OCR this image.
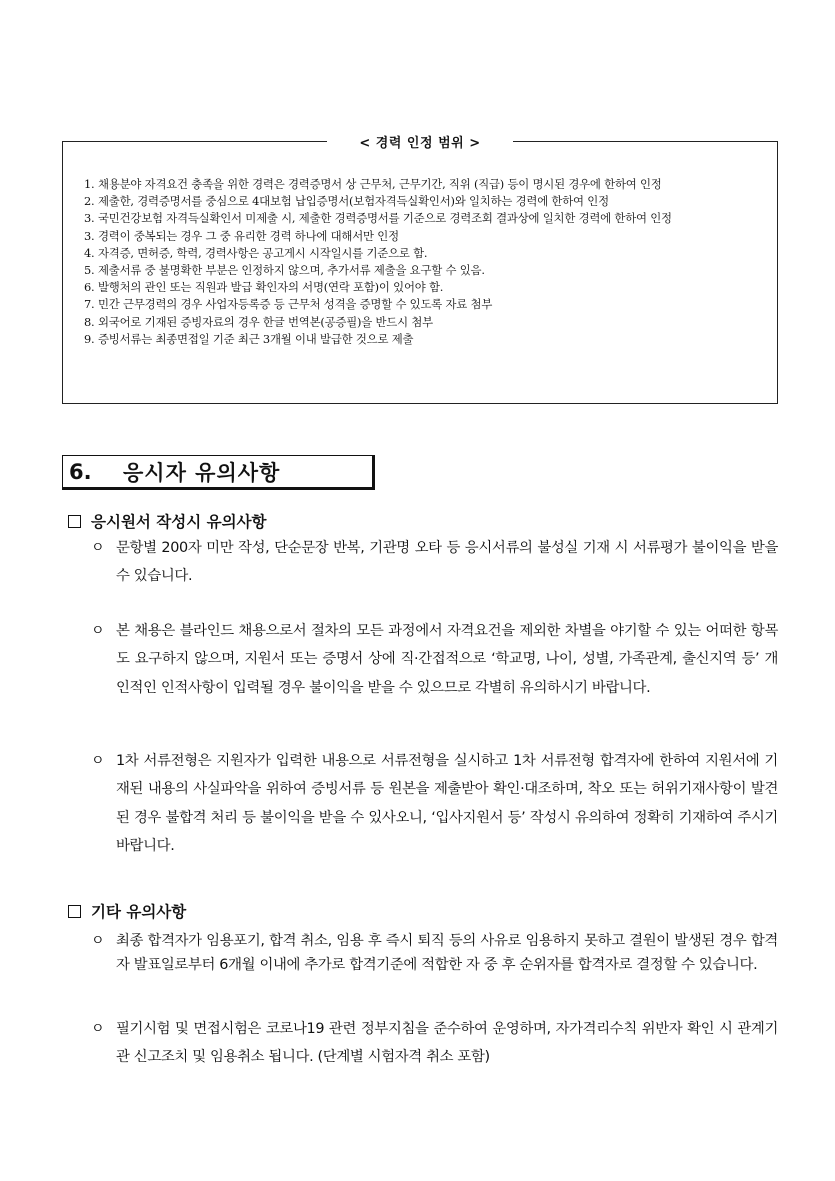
< 경력 인정 범위 >
1. 채용분야 자격요건 충족을 위한 경력은 경력증명서 상 근무처, 근무기간, 직위 (직급) 등이 명시된 경우에 한하여 인정
2. 제출한, 경력증명서를 중심으로 4대보험 납입증명서(보험자격득실확인서)와 일치하는 경력에 한하여 인정
3. 국민건강보험 자격득실확인서 미제출 시, 제출한 경력증명서를 기준으로 경력조회 결과상에 일치한 경력에 한하여 인정
3. 경력이 중복되는 경우 그 중 유리한 경력 하나에 대해서만 인정
4. 자격증, 면허증, 학력, 경력사항은 공고게시 시작일시를 기준으로 함.
5. 제출서류 중 불명확한 부분은 인정하지 않으며, 추가서류 제출을 요구할 수 있음.
6. 발행처의 관인 또는 직원과 발급 확인자의 서명(연락 포함)이 있어야 함.
7. 민간 근무경력의 경우 사업자등록증 등 근무처 성격을 증명할 수 있도록 자료 첨부
8. 외국어로 기재된 증빙자료의 경우 한글 번역본(공증필)을 반드시 첨부
9. 증빙서류는 최종면접일 기준 최근 3개월 이내 발급한 것으로 제출
6.	응시자 유의사항
응시원서 작성시 유의사항
ㅇ 문항별 200자 미만 작성, 단순문장 반복, 기관명 오타 등 응시서류의 불성실 기재 시 서류평가 불이익을 받을 수 있습니다.
ㅇ 본 채용은 블라인드 채용으로서 절차의 모든 과정에서 자격요건을 제외한 차별을 야기할 수 있는 어떠한 항목도 요구하지 않으며, 지원서 또는 증명서 상에 직·간접적으로 ‘학교명, 나이, 성별, 가족관계, 출신지역 등’ 개인적인 인적사항이 입력될 경우 불이익을 받을 수 있으므로 각별히 유의하시기 바랍니다.
ㅇ 1차 서류전형은 지원자가 입력한 내용으로 서류전형을 실시하고 1차 서류전형 합격자에 한하여 지원서에 기재된 내용의 사실파악을 위하여 증빙서류 등 원본을 제출받아 확인·대조하며, 착오 또는 허위기재사항이 발견된 경우 불합격 처리 등 불이익을 받을 수 있사오니, ‘입사지원서 등’ 작성시 유의하여 정확히 기재하여 주시기 바랍니다.
기타 유의사항
ㅇ 최종 합격자가 임용포기, 합격 취소, 임용 후 즉시 퇴직 등의 사유로 임용하지 못하고 결원이 발생된 경우 합격자 발표일로부터 6개월 이내에 추가로 합격기준에 적합한 자 중 후 순위자를 합격자로 결정할 수 있습니다.
ㅇ 필기시험 및 면접시험은 코로나19 관련 정부지침을 준수하여 운영하며, 자가격리수칙 위반자 확인 시 관계기관 신고조치 및 임용취소 됩니다. (단계별 시험자격 취소 포함)
